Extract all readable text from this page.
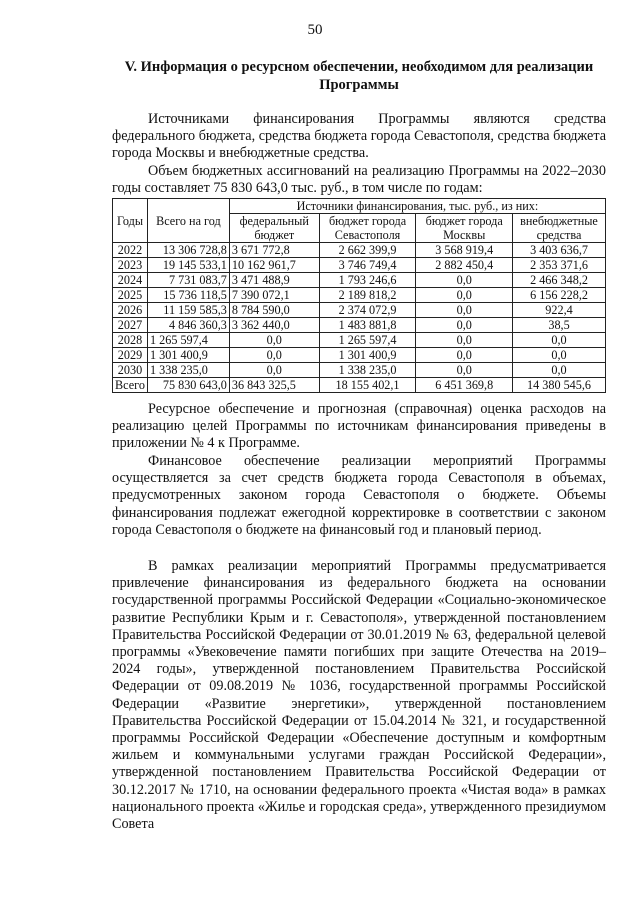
50
V. Информация о ресурсном обеспечении, необходимом для реализации Программы

Источниками финансирования Программы являются средства федерального бюджета, средства бюджета города Севастополя, средства бюджета города Москвы и внебюджетные средства.

Объем бюджетных ассигнований на реализацию Программы на 2022–2030 годы составляет 75 830 643,0 тыс. руб., в том числе по годам:

Годы	Всего на год	Источники финансирования, тыс. руб., из них:			
		федеральный бюджет	бюджет города Севастополя	бюджет города Москвы	внебюджетные средства
2022	13 306 728,8	3 671 772,8	2 662 399,9	3 568 919,4	3 403 636,7
2023	19 145 533,1	10 162 961,7	3 746 749,4	2 882 450,4	2 353 371,6
2024	7 731 083,7	3 471 488,9	1 793 246,6	0,0	2 466 348,2
2025	15 736 118,5	7 390 072,1	2 189 818,2	0,0	6 156 228,2
2026	11 159 585,3	8 784 590,0	2 374 072,9	0,0	922,4
2027	4 846 360,3	3 362 440,0	1 483 881,8	0,0	38,5
2028	1 265 597,4	0,0	1 265 597,4	0,0	0,0
2029	1 301 400,9	0,0	1 301 400,9	0,0	0,0
2030	1 338 235,0	0,0	1 338 235,0	0,0	0,0
Всего	75 830 643,0	36 843 325,5	18 155 402,1	6 451 369,8	14 380 545,6

Ресурсное обеспечение и прогнозная (справочная) оценка расходов на реализацию целей Программы по источникам финансирования приведены в приложении № 4 к Программе.

Финансовое обеспечение реализации мероприятий Программы осуществляется за счет средств бюджета города Севастополя в объемах, предусмотренных законом города Севастополя о бюджете. Объемы финансирования подлежат ежегодной корректировке в соответствии с законом города Севастополя о бюджете на финансовый год и плановый период.

В рамках реализации мероприятий Программы предусматривается привлечение финансирования из федерального бюджета на основании государственной программы Российской Федерации «Социально-экономическое развитие Республики Крым и г. Севастополя», утвержденной постановлением Правительства Российской Федерации от 30.01.2019 № 63, федеральной целевой программы «Увековечение памяти погибших при защите Отечества на 2019–2024 годы», утвержденной постановлением Правительства Российской Федерации от 09.08.2019 № 1036, государственной программы Российской Федерации «Развитие энергетики», утвержденной постановлением Правительства Российской Федерации от 15.04.2014 № 321, и государственной программы Российской Федерации «Обеспечение доступным и комфортным жильем и коммунальными услугами граждан Российской Федерации», утвержденной постановлением Правительства Российской Федерации от 30.12.2017 № 1710, на основании федерального проекта «Чистая вода» в рамках национального проекта «Жилье и городская среда», утвержденного президиумом Совета
